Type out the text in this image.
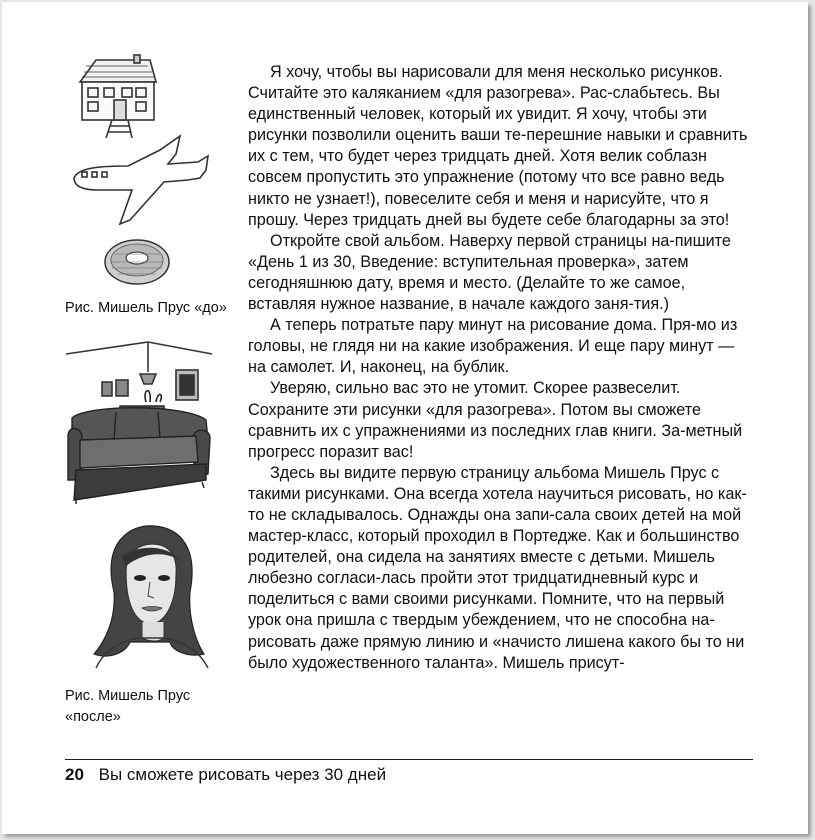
Рис. Мишель Прус «до»
Рис. Мишель Прус
«после»

Я хочу, чтобы вы нарисовали для меня несколько рисунков. Считайте это каляканием «для разогрева». Рас-слабьтесь. Вы единственный человек, который их увидит. Я хочу, чтобы эти рисунки позволили оценить ваши те-перешние навыки и сравнить их с тем, что будет через тридцать дней. Хотя велик соблазн совсем пропустить это упражнение (потому что все равно ведь никто не узнает!), повеселите себя и меня и нарисуйте, что я прошу. Через тридцать дней вы будете себе благодарны за это!

Откройте свой альбом. Наверху первой страницы на-пишите «День 1 из 30, Введение: вступительная проверка», затем сегодняшнюю дату, время и место. (Делайте то же самое, вставляя нужное название, в начале каждого заня-тия.)

А теперь потратьте пару минут на рисование дома. Пря-мо из головы, не глядя ни на какие изображения. И еще пару минут — на самолет. И, наконец, на бублик.

Уверяю, сильно вас это не утомит. Скорее развеселит. Сохраните эти рисунки «для разогрева». Потом вы сможете сравнить их с упражнениями из последних глав книги. За-метный прогресс поразит вас!

Здесь вы видите первую страницу альбома Мишель Прус с такими рисунками. Она всегда хотела научиться рисовать, но как-то не складывалось. Однажды она запи-сала своих детей на мой мастер-класс, который проходил в Портедже. Как и большинство родителей, она сидела на занятиях вместе с детьми. Мишель любезно согласи-лась пройти этот тридцатидневный курс и поделиться с вами своими рисунками. Помните, что на первый урок она пришла с твердым убеждением, что не способна на-рисовать даже прямую линию и «начисто лишена какого бы то ни было художественного таланта». Мишель присут-

20 Вы сможете рисовать через 30 дней
